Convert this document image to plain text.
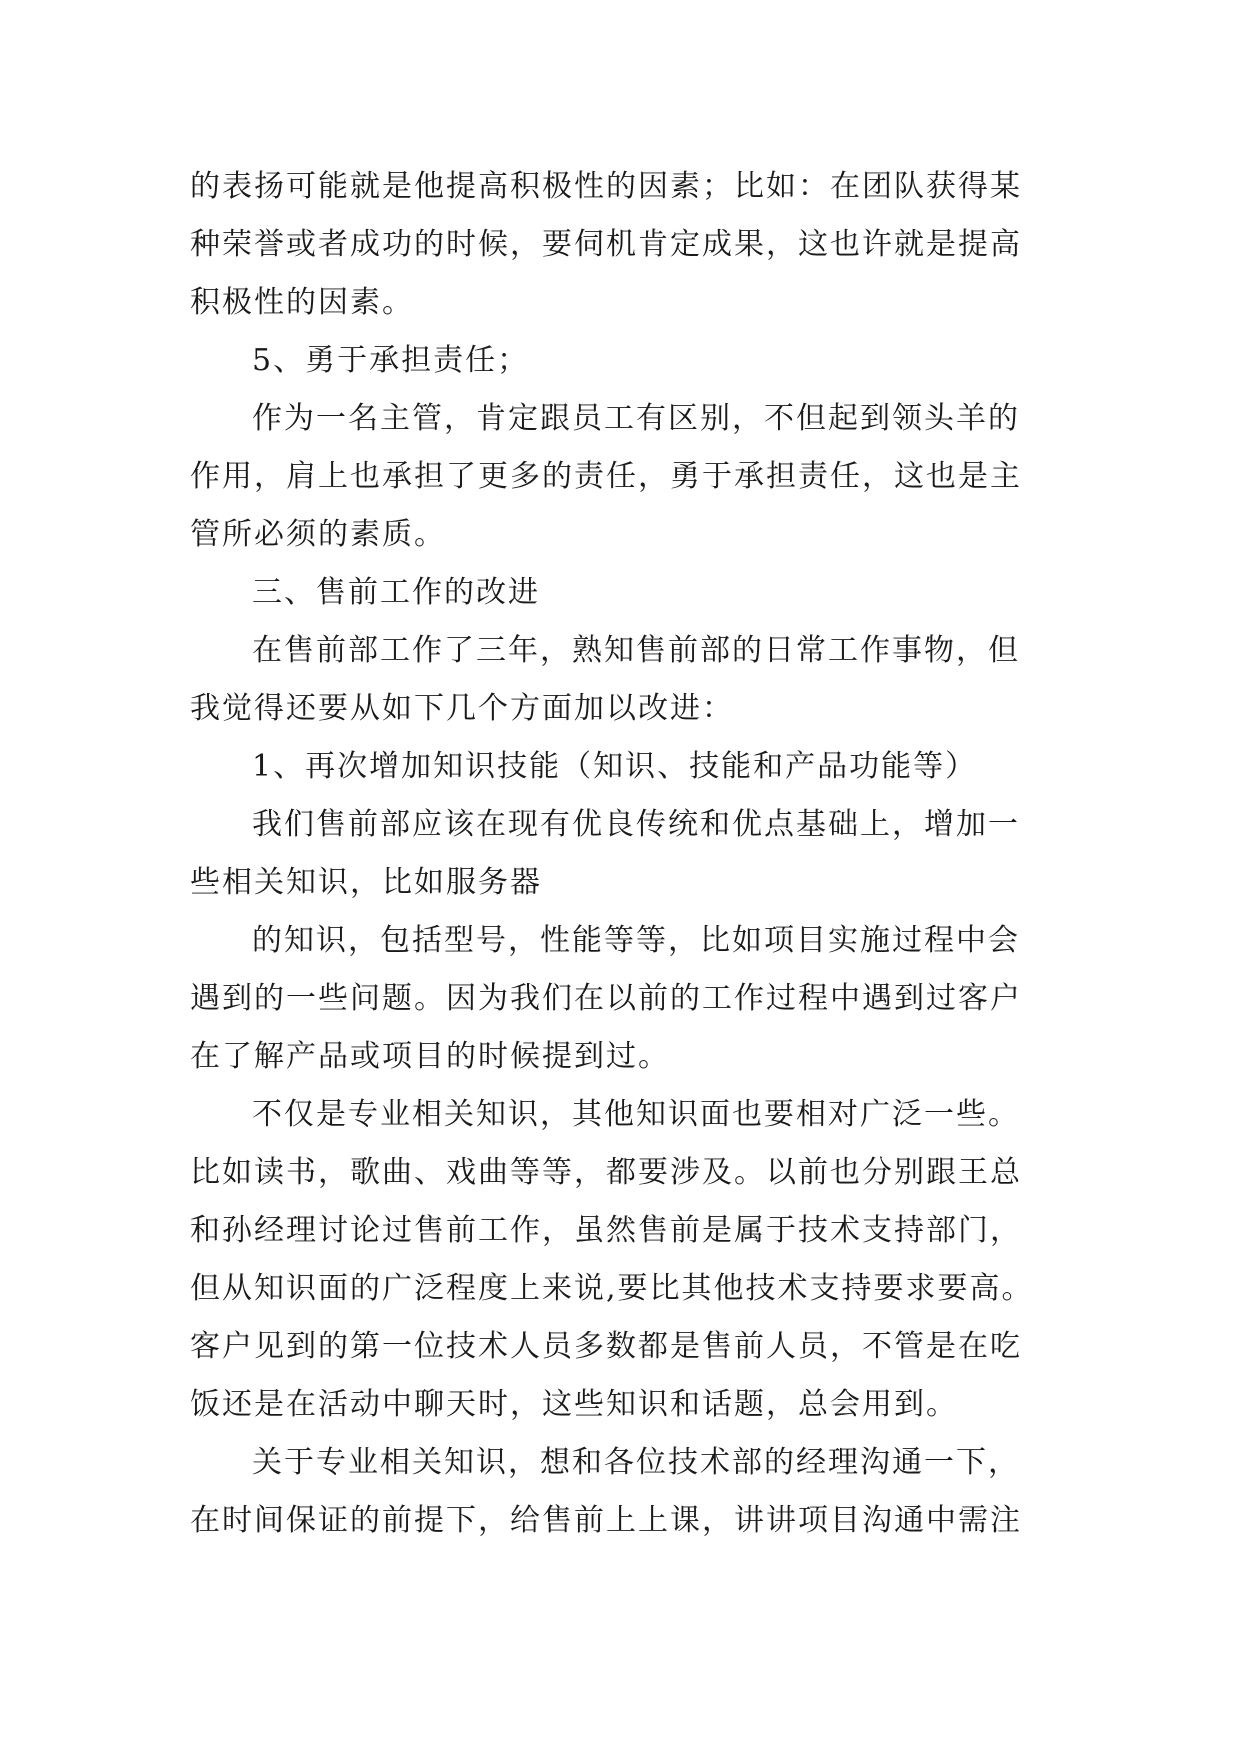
的表扬可能就是他提高积极性的因素；比如：在团队获得某
种荣誉或者成功的时候，要伺机肯定成果，这也许就是提高
积极性的因素。
5、勇于承担责任；
作为一名主管，肯定跟员工有区别，不但起到领头羊的
作用，肩上也承担了更多的责任，勇于承担责任，这也是主
管所必须的素质。
三、售前工作的改进
在售前部工作了三年，熟知售前部的日常工作事物，但
我觉得还要从如下几个方面加以改进：
1、再次增加知识技能（知识、技能和产品功能等）
我们售前部应该在现有优良传统和优点基础上，增加一
些相关知识，比如服务器
的知识，包括型号，性能等等，比如项目实施过程中会
遇到的一些问题。因为我们在以前的工作过程中遇到过客户
在了解产品或项目的时候提到过。
不仅是专业相关知识，其他知识面也要相对广泛一些。
比如读书，歌曲、戏曲等等，都要涉及。以前也分别跟王总
和孙经理讨论过售前工作，虽然售前是属于技术支持部门，
但从知识面的广泛程度上来说,要比其他技术支持要求要高。
客户见到的第一位技术人员多数都是售前人员，不管是在吃
饭还是在活动中聊天时，这些知识和话题，总会用到。
关于专业相关知识，想和各位技术部的经理沟通一下，
在时间保证的前提下，给售前上上课，讲讲项目沟通中需注
